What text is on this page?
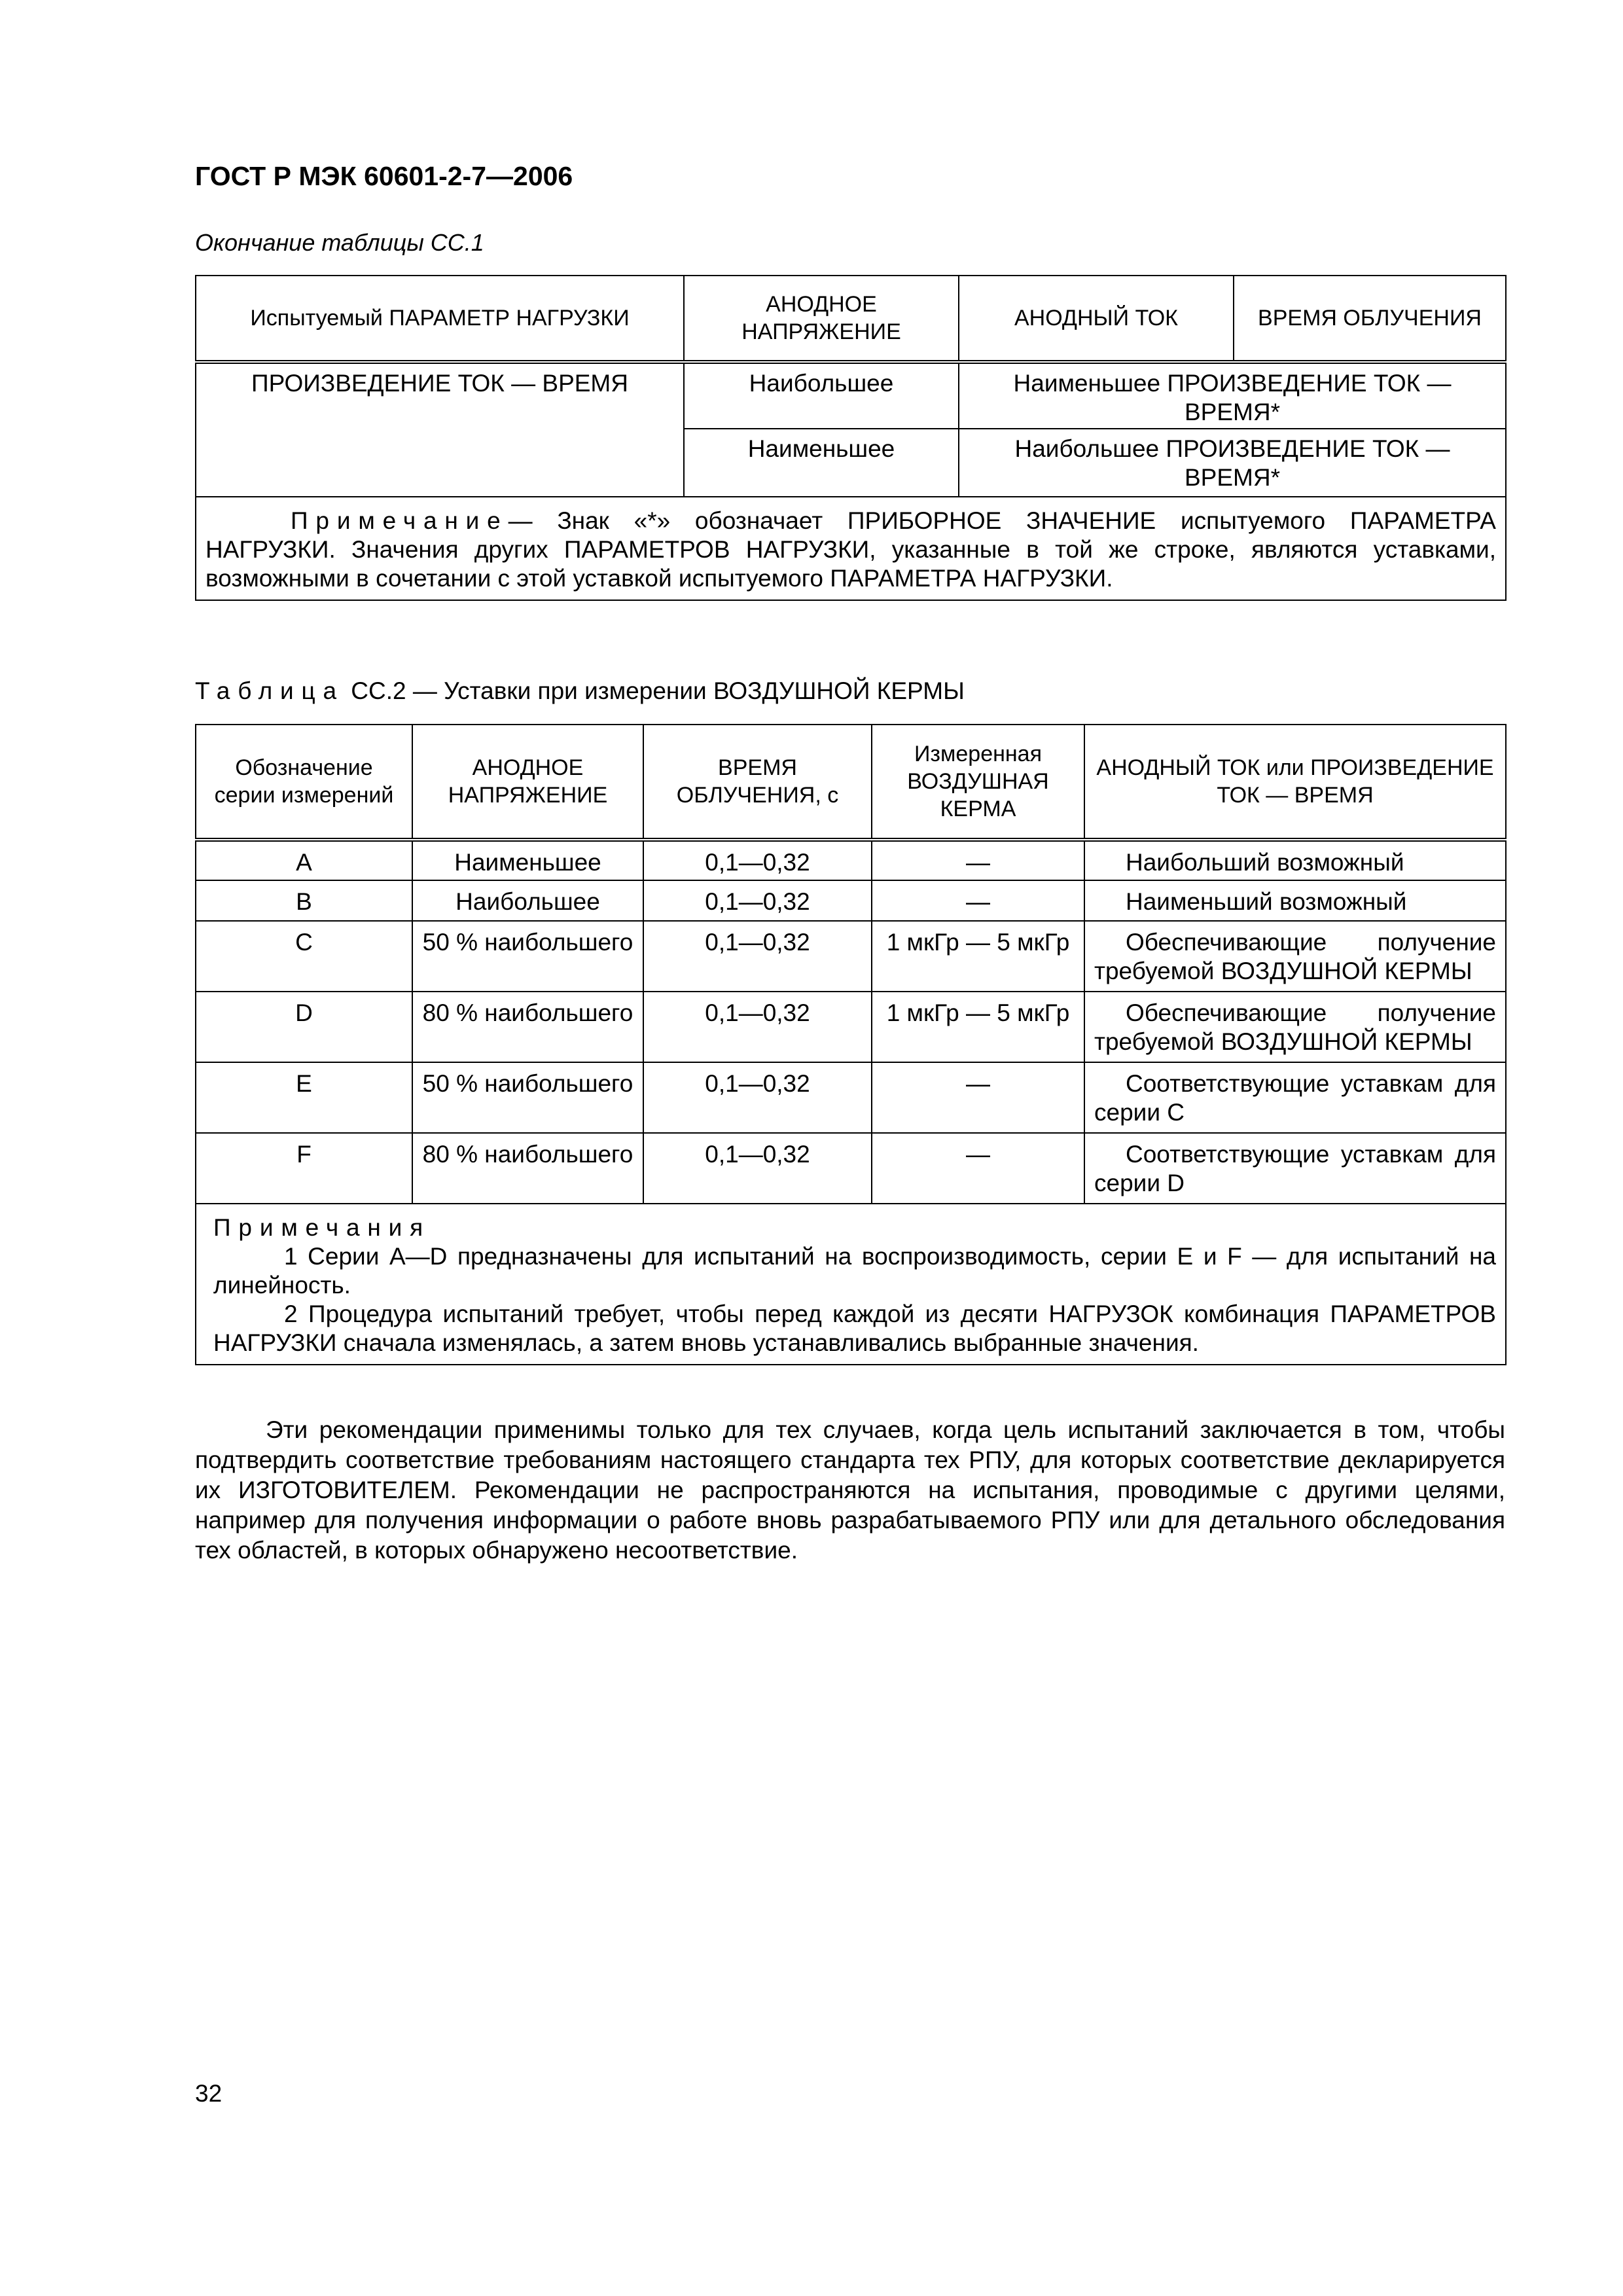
ГОСТ Р МЭК 60601-2-7—2006
Окончание таблицы СС.1
Испытуемый ПАРАМЕТР НАГРУЗКИ	АНОДНОЕ НАПРЯЖЕНИЕ	АНОДНЫЙ ТОК	ВРЕМЯ ОБЛУЧЕНИЯ
ПРОИЗВЕДЕНИЕ ТОК — ВРЕМЯ	Наибольшее	Наименьшее ПРОИЗВЕДЕНИЕ ТОК — ВРЕМЯ*	
	Наименьшее	Наибольшее ПРОИЗВЕДЕНИЕ ТОК — ВРЕМЯ*	

Примечание— Знак «*» обозначает ПРИБОРНОЕ ЗНАЧЕНИЕ испытуемого ПАРАМЕТРА НАГРУЗКИ. Значения других ПАРАМЕТРОВ НАГРУЗКИ, указанные в той же строке, являются уставками, возможными в сочетании с этой уставкой испытуемого ПАРАМЕТРА НАГРУЗКИ.			

Таблица СС.2 — Уставки при измерении ВОЗДУШНОЙ КЕРМЫ
Обозначение серии измерений	АНОДНОЕ НАПРЯЖЕНИЕ	ВРЕМЯ ОБЛУЧЕНИЯ, с	Измеренная ВОЗДУШНАЯ КЕРМА	АНОДНЫЙ ТОК или ПРОИЗВЕДЕНИЕ ТОК — ВРЕМЯ
A	Наименьшее	0,1—0,32	—	Наибольший возможный
B	Наибольшее	0,1—0,32	—	Наименьший возможный
C	50 % наибольшего	0,1—0,32	1 мкГр — 5 мкГр	Обеспечивающие получение
требуемой ВОЗДУШНОЙ КЕРМЫ
D	80 % наибольшего	0,1—0,32	1 мкГр — 5 мкГр	Обеспечивающие получение
требуемой ВОЗДУШНОЙ КЕРМЫ
E	50 % наибольшего	0,1—0,32	—	Соответствующие уставкам для
серии C
F	80 % наибольшего	0,1—0,32	—	Соответствующие уставкам для
серии D

Примечания

1 Серии A—D предназначены для испытаний на воспроизводимость, серии E и F — для испытаний на линейность.

2 Процедура испытаний требует, чтобы перед каждой из десяти НАГРУЗОК комбинация ПАРАМЕТРОВ НАГРУЗКИ сначала изменялась, а затем вновь устанавливались выбранные значения.				

Эти рекомендации применимы только для тех случаев, когда цель испытаний заключается в том, чтобы подтвердить соответствие требованиям настоящего стандарта тех РПУ, для которых соответствие декларируется их ИЗГОТОВИТЕЛЕМ. Рекомендации не распространяются на испытания, проводимые с другими целями, например для получения информации о работе вновь разрабатываемого РПУ или для детального обследования тех областей, в которых обнаружено несоответствие.

32
